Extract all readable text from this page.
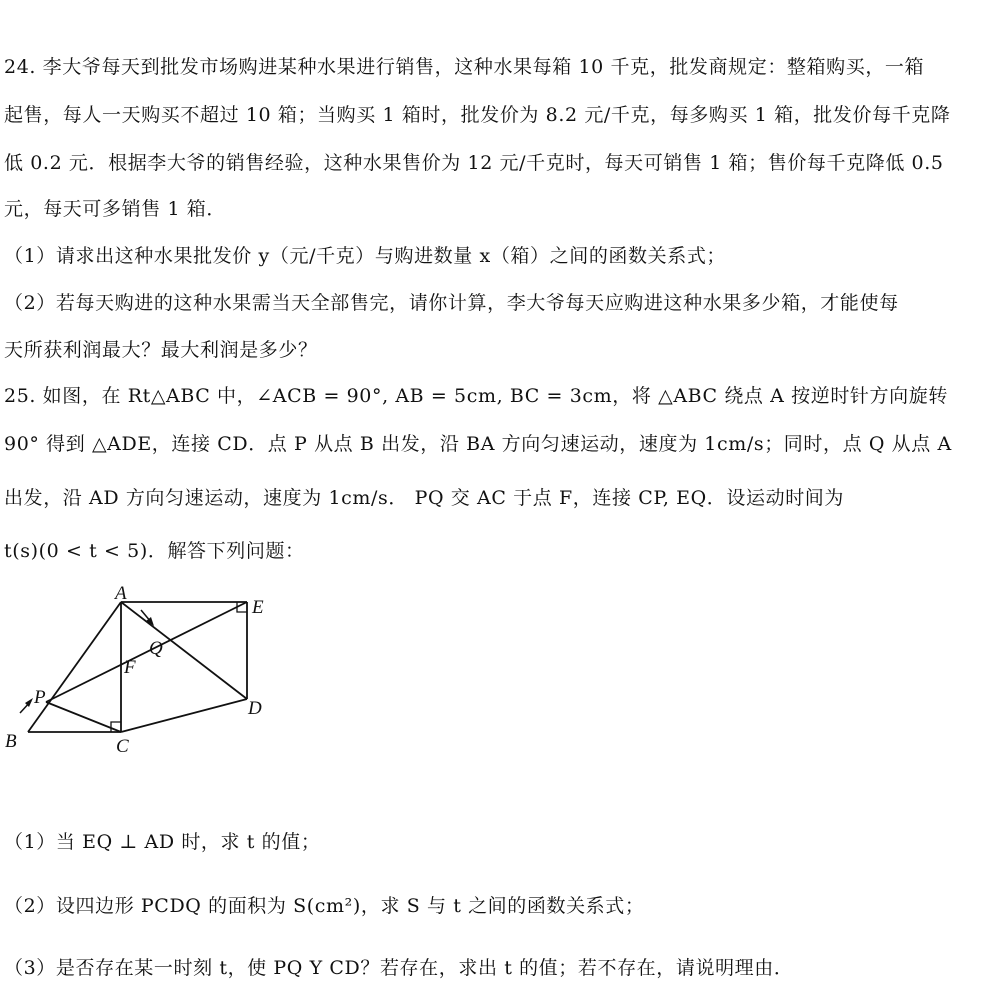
24. 李大爷每天到批发市场购进某种水果进行销售，这种水果每箱 10 千克，批发商规定：整箱购买，一箱
起售，每人一天购买不超过 10 箱；当购买 1 箱时，批发价为 8.2 元/千克，每多购买 1 箱，批发价每千克降
低 0.2 元．根据李大爷的销售经验，这种水果售价为 12 元/千克时，每天可销售 1 箱；售价每千克降低 0.5
元，每天可多销售 1 箱．
（1）请求出这种水果批发价 y（元/千克）与购进数量 x（箱）之间的函数关系式；
（2）若每天购进的这种水果需当天全部售完，请你计算，李大爷每天应购进这种水果多少箱，才能使每
天所获利润最大？最大利润是多少？
25. 如图，在 Rt△ABC 中，∠ACB = 90°, AB = 5cm, BC = 3cm，将 △ABC 绕点 A 按逆时针方向旋转
90° 得到 △ADE，连接 CD．点 P 从点 B 出发，沿 BA 方向匀速运动，速度为 1cm/s；同时，点 Q 从点 A
出发，沿 AD 方向匀速运动，速度为 1cm/s． PQ 交 AC 于点 F，连接 CP, EQ．设运动时间为
t(s)(0 < t < 5)．解答下列问题：
A
B	C
D
E
F
P
Q
（1）当 EQ ⊥ AD 时，求 t 的值；
（2）设四边形 PCDQ 的面积为 S(cm²)，求 S 与 t 之间的函数关系式；
（3）是否存在某一时刻 t，使 PQ Y CD？若存在，求出 t 的值；若不存在，请说明理由．
